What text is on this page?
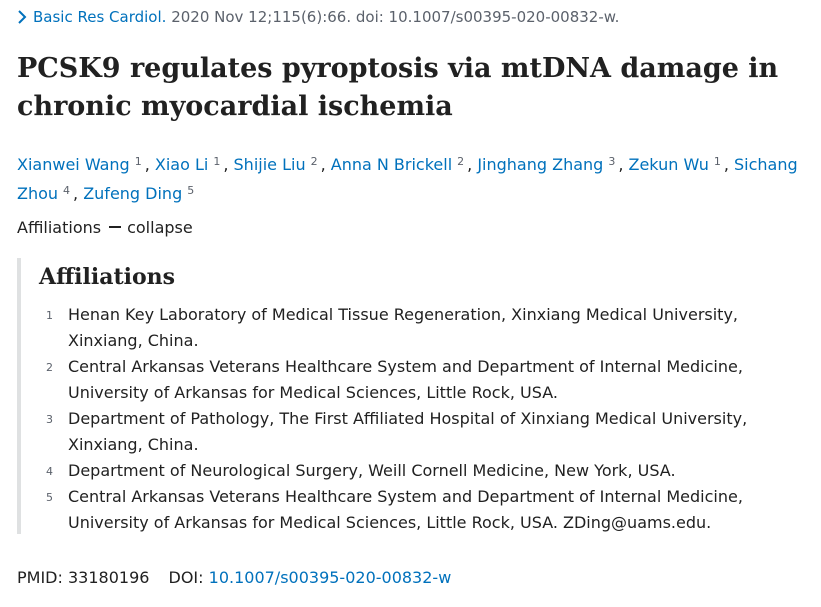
Basic Res Cardiol. 2020 Nov 12;115(6):66. doi: 10.1007/s00395-020-00832-w.
PCSK9 regulates pyroptosis via mtDNA damage in chronic myocardial ischemia
Xianwei Wang $^1$ , Xiao Li $^1$ , Shijie Liu $^2$ , Anna N Brickell $^2$ , Jinghang Zhang $^3$ , Zekun Wu $^1$ , Sichang Zhou $^4$ , Zufeng Ding $^5$
Affiliations collapse
Affiliations
1 Henan Key Laboratory of Medical Tissue Regeneration, Xinxiang Medical University, Xinxiang, China.
2 Central Arkansas Veterans Healthcare System and Department of Internal Medicine, University of Arkansas for Medical Sciences, Little Rock, USA.
3 Department of Pathology, The First Affiliated Hospital of Xinxiang Medical University, Xinxiang, China.
4 Department of Neurological Surgery, Weill Cornell Medicine, New York, USA.
5 Central Arkansas Veterans Healthcare System and Department of Internal Medicine, University of Arkansas for Medical Sciences, Little Rock, USA. ZDing@uams.edu.
PMID: 33180196 DOI: 10.1007/s00395-020-00832-w
